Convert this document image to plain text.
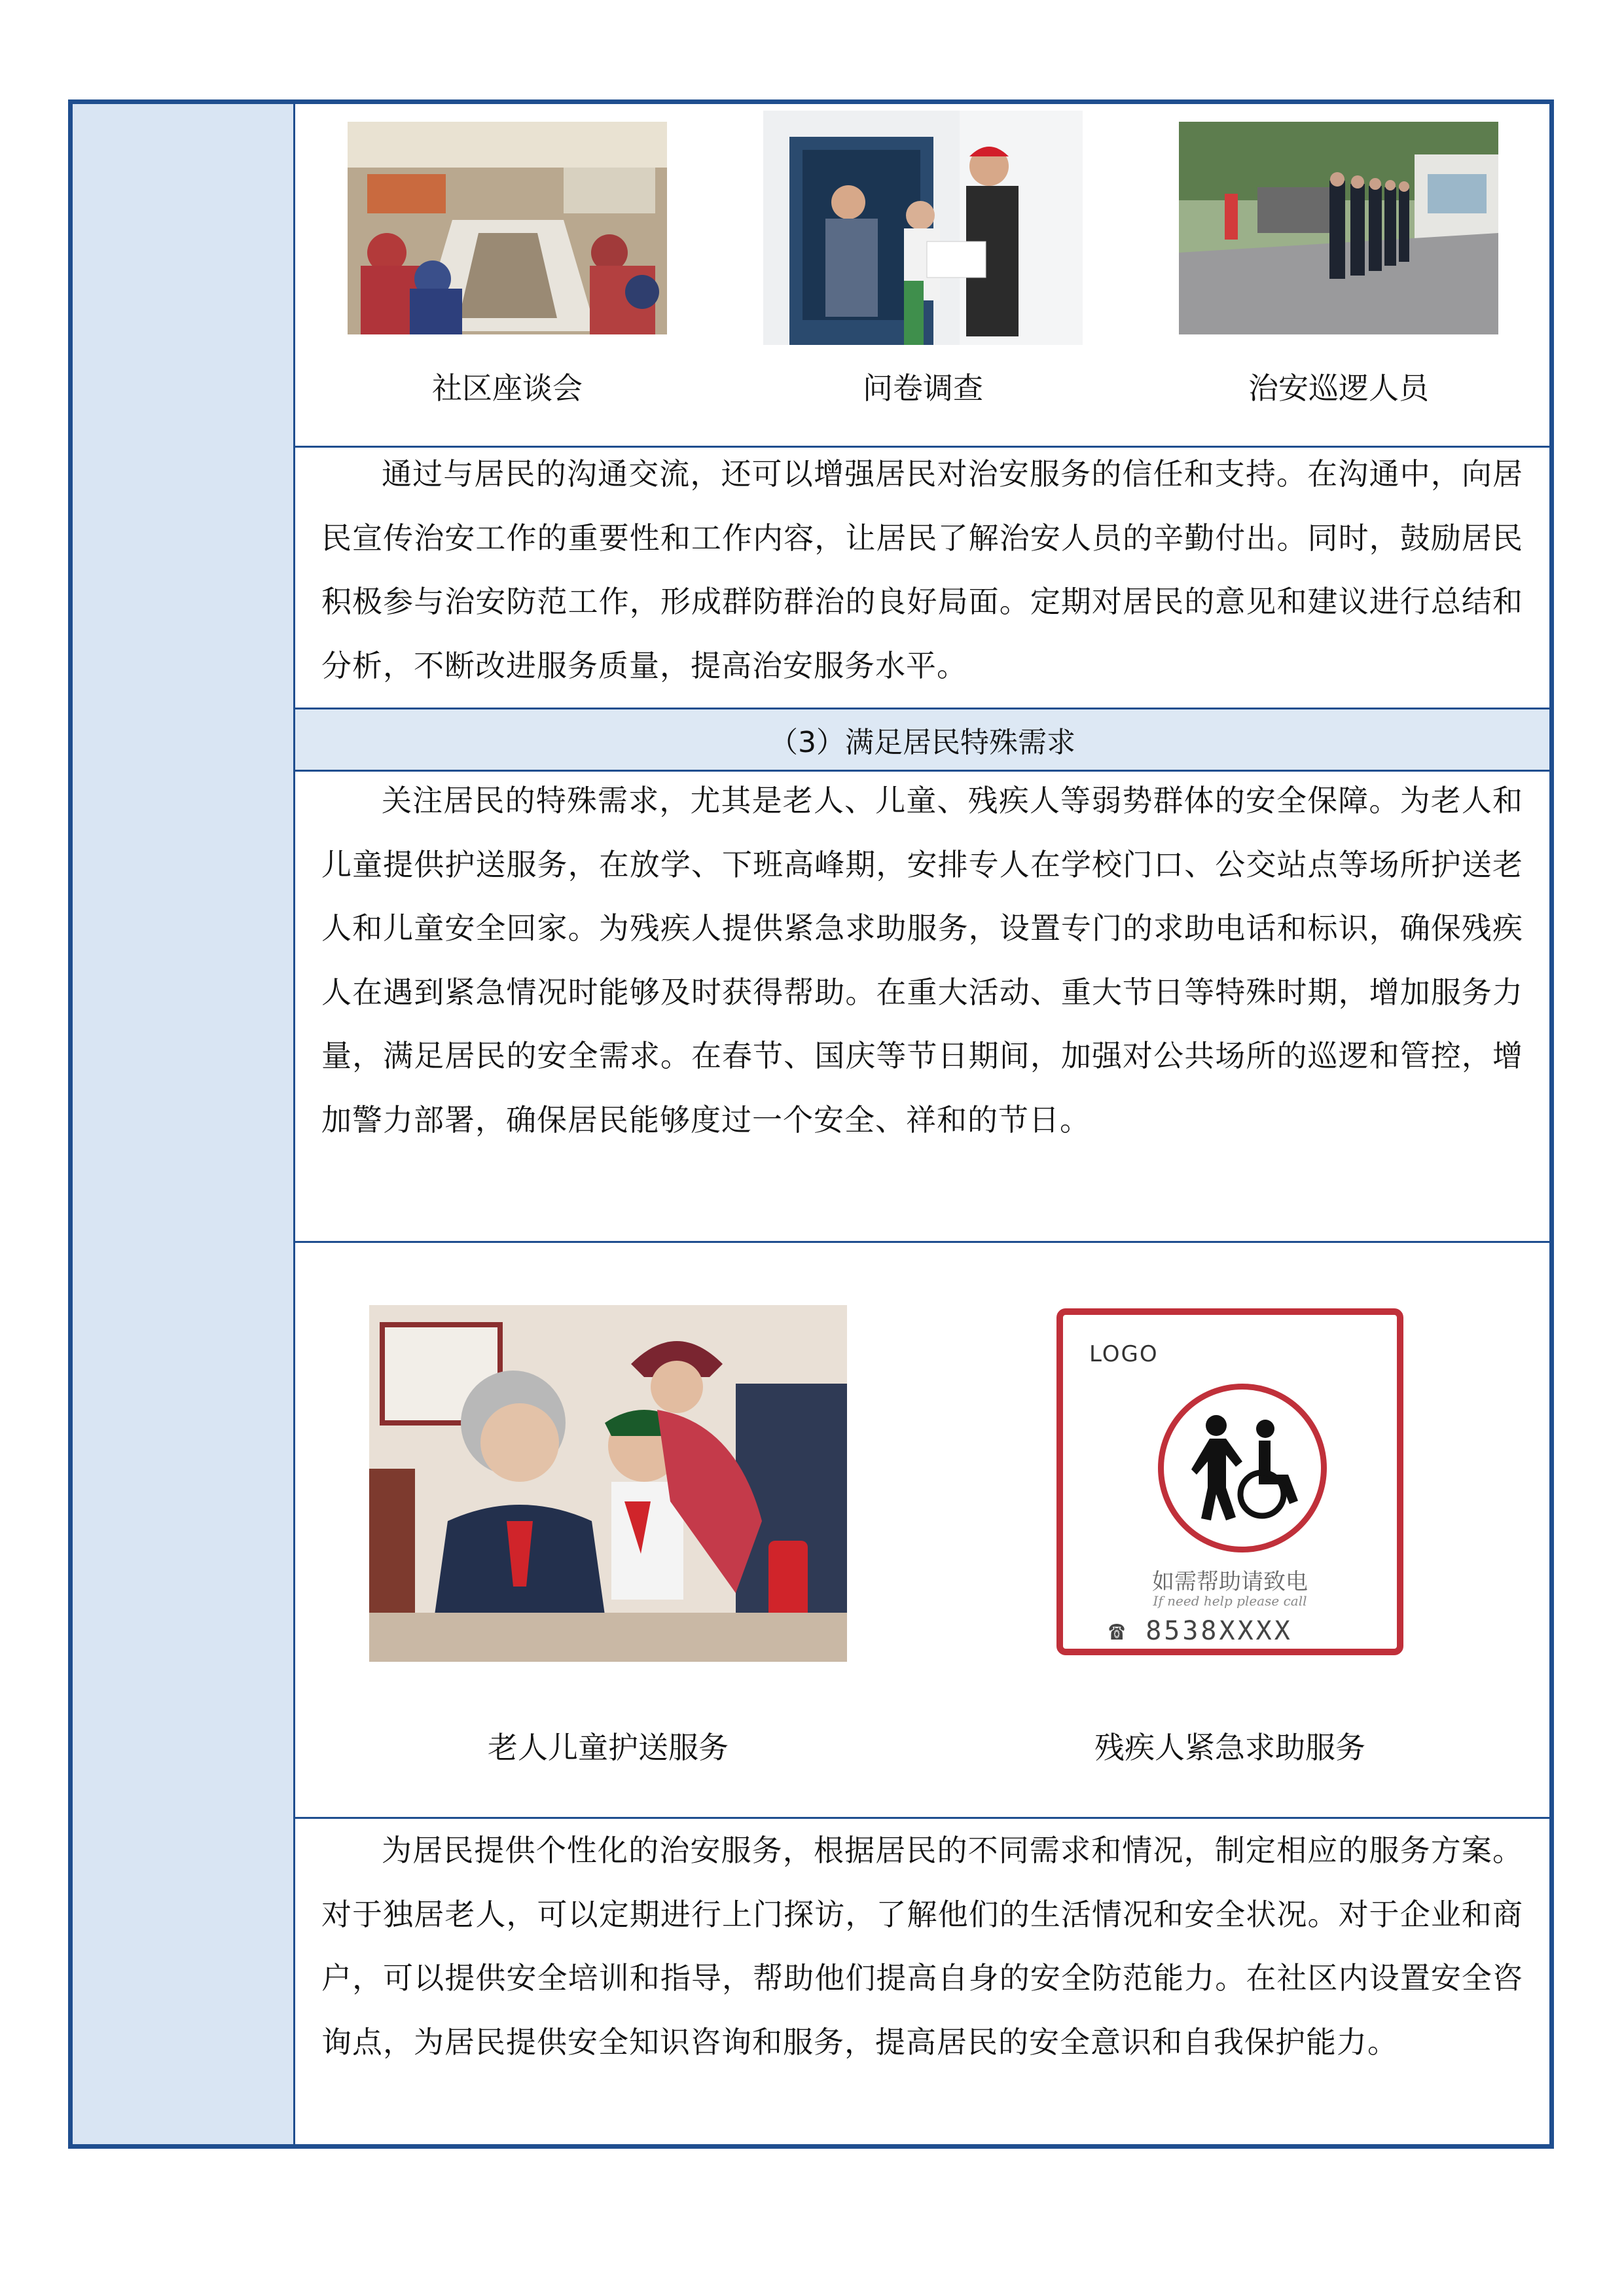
社区座谈会	问卷调查	治安巡逻人员
通过与居民的沟通交流，还可以增强居民对治安服务的信任和支持。在沟通中，向居民宣传治安工作的重要性和工作内容，让居民了解治安人员的辛勤付出。同时，鼓励居民积极参与治安防范工作，形成群防群治的良好局面。定期对居民的意见和建议进行总结和分析，不断改进服务质量，提高治安服务水平。
（3）满足居民特殊需求
关注居民的特殊需求，尤其是老人、儿童、残疾人等弱势群体的安全保障。为老人和儿童提供护送服务，在放学、下班高峰期，安排专人在学校门口、公交站点等场所护送老人和儿童安全回家。为残疾人提供紧急求助服务，设置专门的求助电话和标识，确保残疾人在遇到紧急情况时能够及时获得帮助。在重大活动、重大节日等特殊时期，增加服务力量，满足居民的安全需求。在春节、国庆等节日期间，加强对公共场所的巡逻和管控，增加警力部署，确保居民能够度过一个安全、祥和的节日。
老人儿童护送服务
LOGO
如需帮助请致电
If need help please call
☎ 8538XXXX
残疾人紧急求助服务
为居民提供个性化的治安服务，根据居民的不同需求和情况，制定相应的服务方案。对于独居老人，可以定期进行上门探访，了解他们的生活情况和安全状况。对于企业和商户，可以提供安全培训和指导，帮助他们提高自身的安全防范能力。在社区内设置安全咨询点，为居民提供安全知识咨询和服务，提高居民的安全意识和自我保护能力。
